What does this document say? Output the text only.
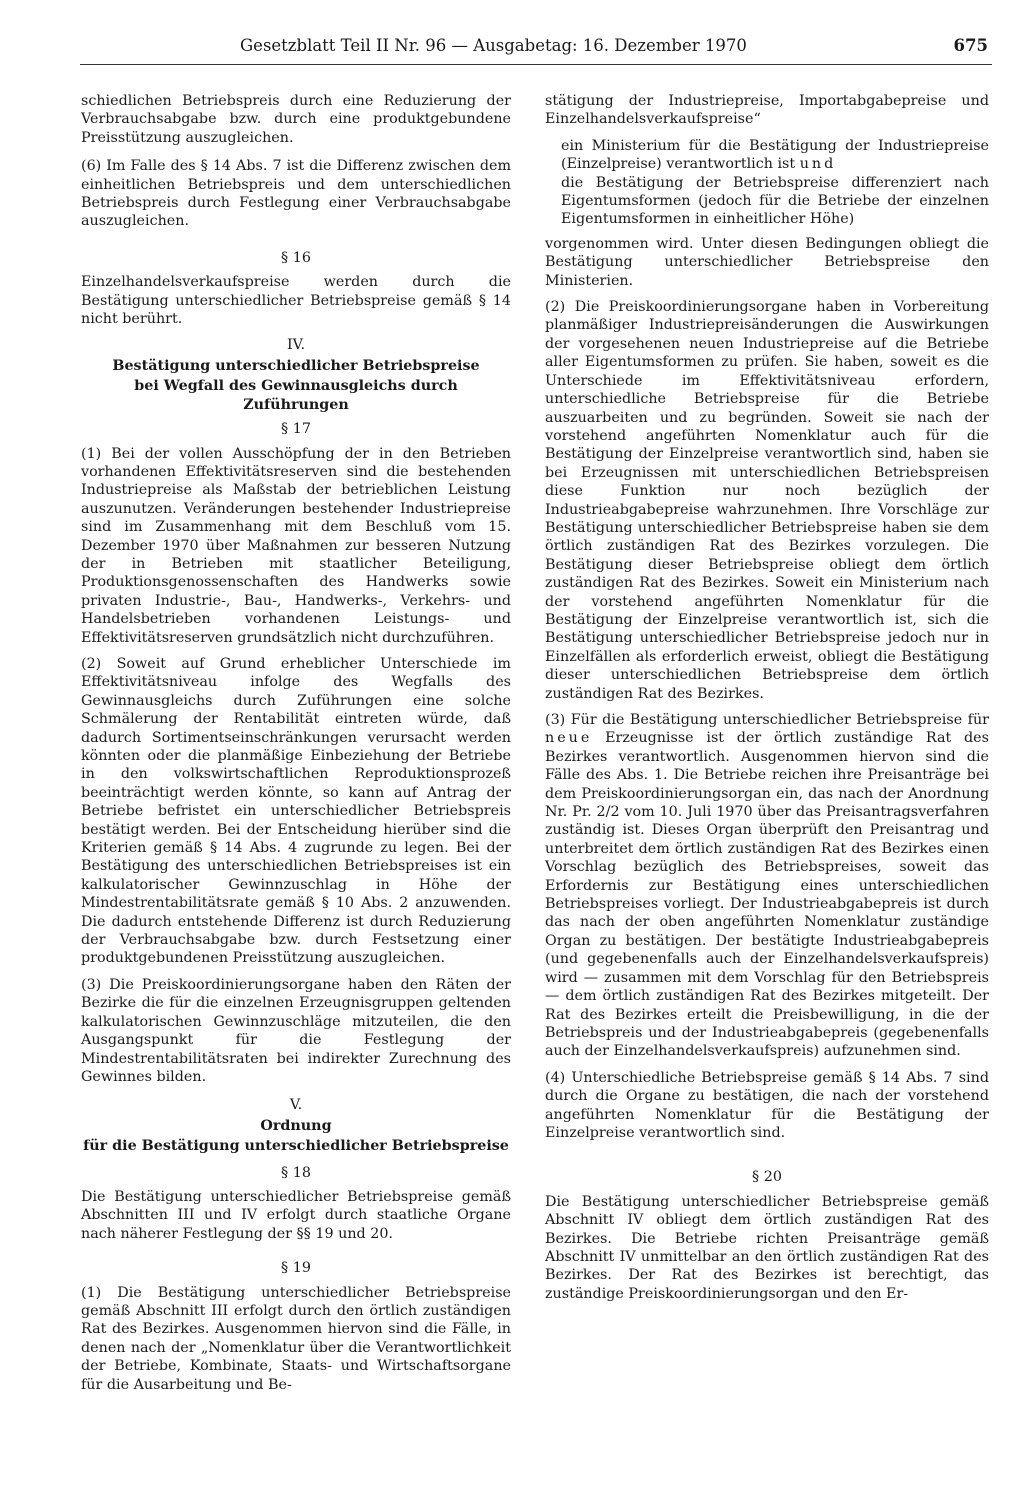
Gesetzblatt Teil II Nr. 96 — Ausgabetag: 16. Dezember 1970	675

schiedlichen Betriebspreis durch eine Reduzierung der Verbrauchsabgabe bzw. durch eine produktgebundene Preisstützung auszugleichen.

(6) Im Falle des § 14 Abs. 7 ist die Differenz zwischen dem einheitlichen Betriebspreis und dem unterschiedlichen Betriebspreis durch Festlegung einer Verbrauchsabgabe auszugleichen.

§ 16

Einzelhandelsverkaufspreise werden durch die Bestätigung unterschiedlicher Betriebspreise gemäß § 14 nicht berührt.

IV.

Bestätigung unterschiedlicher Betriebspreise

bei Wegfall des Gewinnausgleichs durch Zuführungen

§ 17

(1) Bei der vollen Ausschöpfung der in den Betrieben vorhandenen Effektivitätsreserven sind die bestehenden Industriepreise als Maßstab der betrieblichen Leistung auszunutzen. Veränderungen bestehender Industriepreise sind im Zusammenhang mit dem Beschluß vom 15. Dezember 1970 über Maßnahmen zur besseren Nutzung der in Betrieben mit staatlicher Beteiligung, Produktionsgenossenschaften des Handwerks sowie privaten Industrie-, Bau-, Handwerks-, Verkehrs- und Handelsbetrieben vorhandenen Leistungs- und Effektivitätsreserven grundsätzlich nicht durchzuführen.

(2) Soweit auf Grund erheblicher Unterschiede im Effektivitätsniveau infolge des Wegfalls des Gewinnausgleichs durch Zuführungen eine solche Schmälerung der Rentabilität eintreten würde, daß dadurch Sortimentseinschränkungen verursacht werden könnten oder die planmäßige Einbeziehung der Betriebe in den volkswirtschaftlichen Reproduktionsprozeß beeinträchtigt werden könnte, so kann auf Antrag der Betriebe befristet ein unterschiedlicher Betriebspreis bestätigt werden. Bei der Entscheidung hierüber sind die Kriterien gemäß § 14 Abs. 4 zugrunde zu legen. Bei der Bestätigung des unterschiedlichen Betriebspreises ist ein kalkulatorischer Gewinnzuschlag in Höhe der Mindestrentabilitätsrate gemäß § 10 Abs. 2 anzuwenden. Die dadurch entstehende Differenz ist durch Reduzierung der Verbrauchsabgabe bzw. durch Festsetzung einer produktgebundenen Preisstützung auszugleichen.

(3) Die Preiskoordinierungsorgane haben den Räten der Bezirke die für die einzelnen Erzeugnisgruppen geltenden kalkulatorischen Gewinnzuschläge mitzuteilen, die den Ausgangspunkt für die Festlegung der Mindestrentabilitätsraten bei indirekter Zurechnung des Gewinnes bilden.

V.

Ordnung

für die Bestätigung unterschiedlicher Betriebspreise

§ 18

Die Bestätigung unterschiedlicher Betriebspreise gemäß Abschnitten III und IV erfolgt durch staatliche Organe nach näherer Festlegung der §§ 19 und 20.

§ 19

(1) Die Bestätigung unterschiedlicher Betriebspreise gemäß Abschnitt III erfolgt durch den örtlich zuständigen Rat des Bezirkes. Ausgenommen hiervon sind die Fälle, in denen nach der „Nomenklatur über die Verantwortlichkeit der Betriebe, Kombinate, Staats- und Wirtschaftsorgane für die Ausarbeitung und Be-

stätigung der Industriepreise, Importabgabepreise und Einzelhandelsverkaufspreise“

ein Ministerium für die Bestätigung der Industriepreise (Einzelpreise) verantwortlich ist und

die Bestätigung der Betriebspreise differenziert nach Eigentumsformen (jedoch für die Betriebe der einzelnen Eigentumsformen in einheitlicher Höhe)

vorgenommen wird. Unter diesen Bedingungen obliegt die Bestätigung unterschiedlicher Betriebspreise den Ministerien.

(2) Die Preiskoordinierungsorgane haben in Vorbereitung planmäßiger Industriepreisänderungen die Auswirkungen der vorgesehenen neuen Industriepreise auf die Betriebe aller Eigentumsformen zu prüfen. Sie haben, soweit es die Unterschiede im Effektivitätsniveau erfordern, unterschiedliche Betriebspreise für die Betriebe auszuarbeiten und zu begründen. Soweit sie nach der vorstehend angeführten Nomenklatur auch für die Bestätigung der Einzelpreise verantwortlich sind, haben sie bei Erzeugnissen mit unterschiedlichen Betriebspreisen diese Funktion nur noch bezüglich der Industrieabgabepreise wahrzunehmen. Ihre Vorschläge zur Bestätigung unterschiedlicher Betriebspreise haben sie dem örtlich zuständigen Rat des Bezirkes vorzulegen. Die Bestätigung dieser Betriebspreise obliegt dem örtlich zuständigen Rat des Bezirkes. Soweit ein Ministerium nach der vorstehend angeführten Nomenklatur für die Bestätigung der Einzelpreise verantwortlich ist, sich die Bestätigung unterschiedlicher Betriebspreise jedoch nur in Einzelfällen als erforderlich erweist, obliegt die Bestätigung dieser unterschiedlichen Betriebspreise dem örtlich zuständigen Rat des Bezirkes.

(3) Für die Bestätigung unterschiedlicher Betriebspreise für neue Erzeugnisse ist der örtlich zuständige Rat des Bezirkes verantwortlich. Ausgenommen hiervon sind die Fälle des Abs. 1. Die Betriebe reichen ihre Preisanträge bei dem Preiskoordinierungsorgan ein, das nach der Anordnung Nr. Pr. 2/2 vom 10. Juli 1970 über das Preisantragsverfahren zuständig ist. Dieses Organ überprüft den Preisantrag und unterbreitet dem örtlich zuständigen Rat des Bezirkes einen Vorschlag bezüglich des Betriebspreises, soweit das Erfordernis zur Bestätigung eines unterschiedlichen Betriebspreises vorliegt. Der Industrieabgabepreis ist durch das nach der oben angeführten Nomenklatur zuständige Organ zu bestätigen. Der bestätigte Industrieabgabepreis (und gegebenenfalls auch der Einzelhandelsverkaufspreis) wird — zusammen mit dem Vorschlag für den Betriebspreis — dem örtlich zuständigen Rat des Bezirkes mitgeteilt. Der Rat des Bezirkes erteilt die Preisbewilligung, in die der Betriebspreis und der Industrieabgabepreis (gegebenenfalls auch der Einzelhandelsverkaufspreis) aufzunehmen sind.

(4) Unterschiedliche Betriebspreise gemäß § 14 Abs. 7 sind durch die Organe zu bestätigen, die nach der vorstehend angeführten Nomenklatur für die Bestätigung der Einzelpreise verantwortlich sind.

§ 20

Die Bestätigung unterschiedlicher Betriebspreise gemäß Abschnitt IV obliegt dem örtlich zuständigen Rat des Bezirkes. Die Betriebe richten Preisanträge gemäß Abschnitt IV unmittelbar an den örtlich zuständigen Rat des Bezirkes. Der Rat des Bezirkes ist berechtigt, das zuständige Preiskoordinierungsorgan und den Er-
